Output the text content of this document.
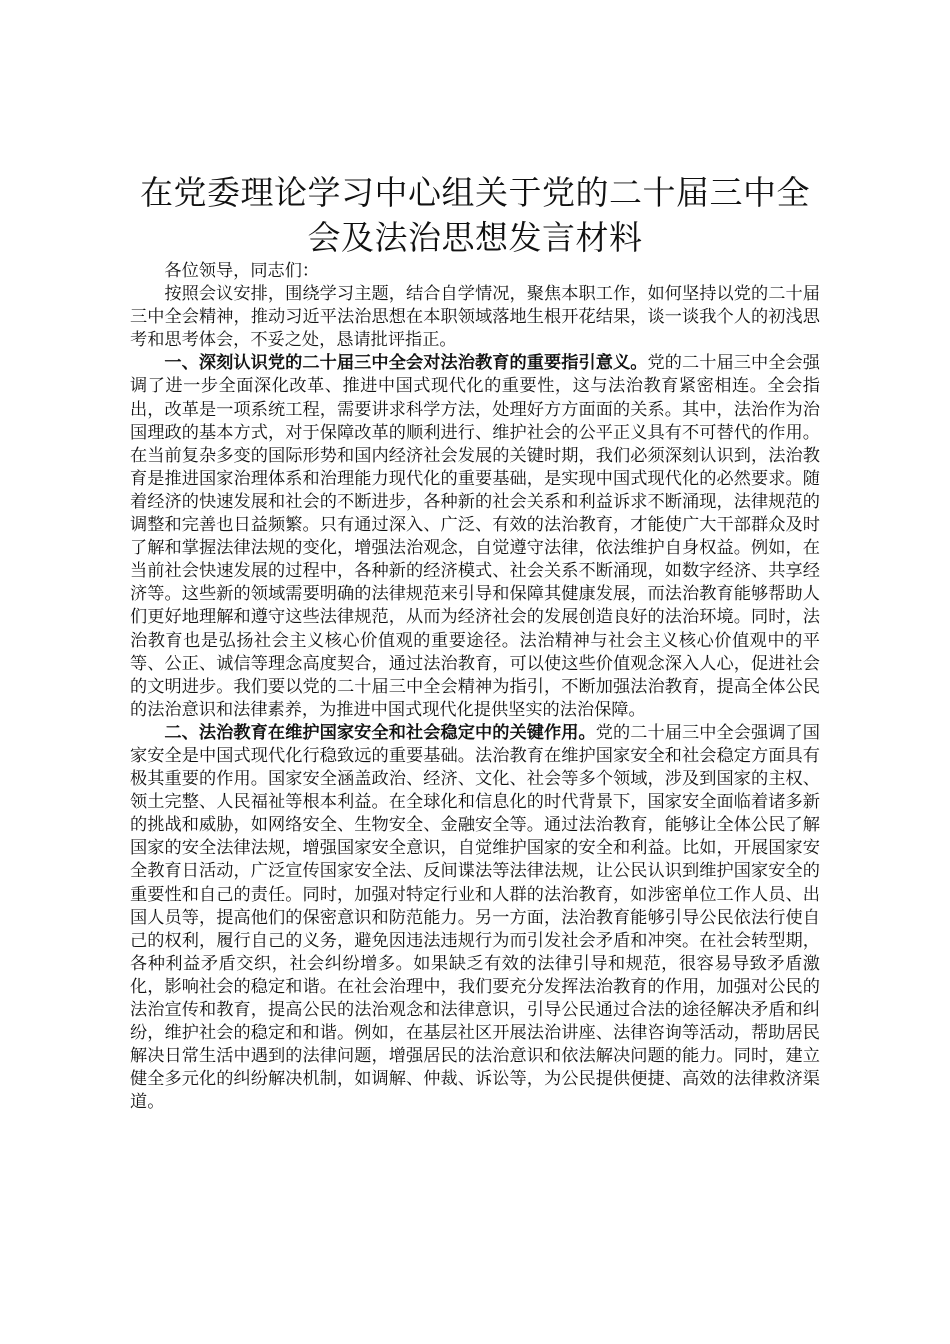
在党委理论学习中心组关于党的二十届三中全会及法治思想发言材料

各位领导，同志们：

按照会议安排，围绕学习主题，结合自学情况，聚焦本职工作，如何坚持以党的二十届三中全会精神，推动习近平法治思想在本职领域落地生根开花结果，谈一谈我个人的初浅思考和思考体会，不妥之处，恳请批评指正。

一、深刻认识党的二十届三中全会对法治教育的重要指引意义。党的二十届三中全会强调了进一步全面深化改革、推进中国式现代化的重要性，这与法治教育紧密相连。全会指出，改革是一项系统工程，需要讲求科学方法，处理好方方面面的关系。其中，法治作为治国理政的基本方式，对于保障改革的顺利进行、维护社会的公平正义具有不可替代的作用。在当前复杂多变的国际形势和国内经济社会发展的关键时期，我们必须深刻认识到，法治教育是推进国家治理体系和治理能力现代化的重要基础，是实现中国式现代化的必然要求。随着经济的快速发展和社会的不断进步，各种新的社会关系和利益诉求不断涌现，法律规范的调整和完善也日益频繁。只有通过深入、广泛、有效的法治教育，才能使广大干部群众及时了解和掌握法律法规的变化，增强法治观念，自觉遵守法律，依法维护自身权益。例如，在当前社会快速发展的过程中，各种新的经济模式、社会关系不断涌现，如数字经济、共享经济等。这些新的领域需要明确的法律规范来引导和保障其健康发展，而法治教育能够帮助人们更好地理解和遵守这些法律规范，从而为经济社会的发展创造良好的法治环境。同时，法治教育也是弘扬社会主义核心价值观的重要途径。法治精神与社会主义核心价值观中的平等、公正、诚信等理念高度契合，通过法治教育，可以使这些价值观念深入人心，促进社会的文明进步。我们要以党的二十届三中全会精神为指引，不断加强法治教育，提高全体公民的法治意识和法律素养，为推进中国式现代化提供坚实的法治保障。

二、法治教育在维护国家安全和社会稳定中的关键作用。党的二十届三中全会强调了国家安全是中国式现代化行稳致远的重要基础。法治教育在维护国家安全和社会稳定方面具有极其重要的作用。国家安全涵盖政治、经济、文化、社会等多个领域，涉及到国家的主权、领土完整、人民福祉等根本利益。在全球化和信息化的时代背景下，国家安全面临着诸多新的挑战和威胁，如网络安全、生物安全、金融安全等。通过法治教育，能够让全体公民了解国家的安全法律法规，增强国家安全意识，自觉维护国家的安全和利益。比如，开展国家安全教育日活动，广泛宣传国家安全法、反间谍法等法律法规，让公民认识到维护国家安全的重要性和自己的责任。同时，加强对特定行业和人群的法治教育，如涉密单位工作人员、出国人员等，提高他们的保密意识和防范能力。另一方面，法治教育能够引导公民依法行使自己的权利，履行自己的义务，避免因违法违规行为而引发社会矛盾和冲突。在社会转型期，各种利益矛盾交织，社会纠纷增多。如果缺乏有效的法律引导和规范，很容易导致矛盾激化，影响社会的稳定和谐。在社会治理中，我们要充分发挥法治教育的作用，加强对公民的法治宣传和教育，提高公民的法治观念和法律意识，引导公民通过合法的途径解决矛盾和纠纷，维护社会的稳定和和谐。例如，在基层社区开展法治讲座、法律咨询等活动，帮助居民解决日常生活中遇到的法律问题，增强居民的法治意识和依法解决问题的能力。同时，建立健全多元化的纠纷解决机制，如调解、仲裁、诉讼等，为公民提供便捷、高效的法律救济渠道。
